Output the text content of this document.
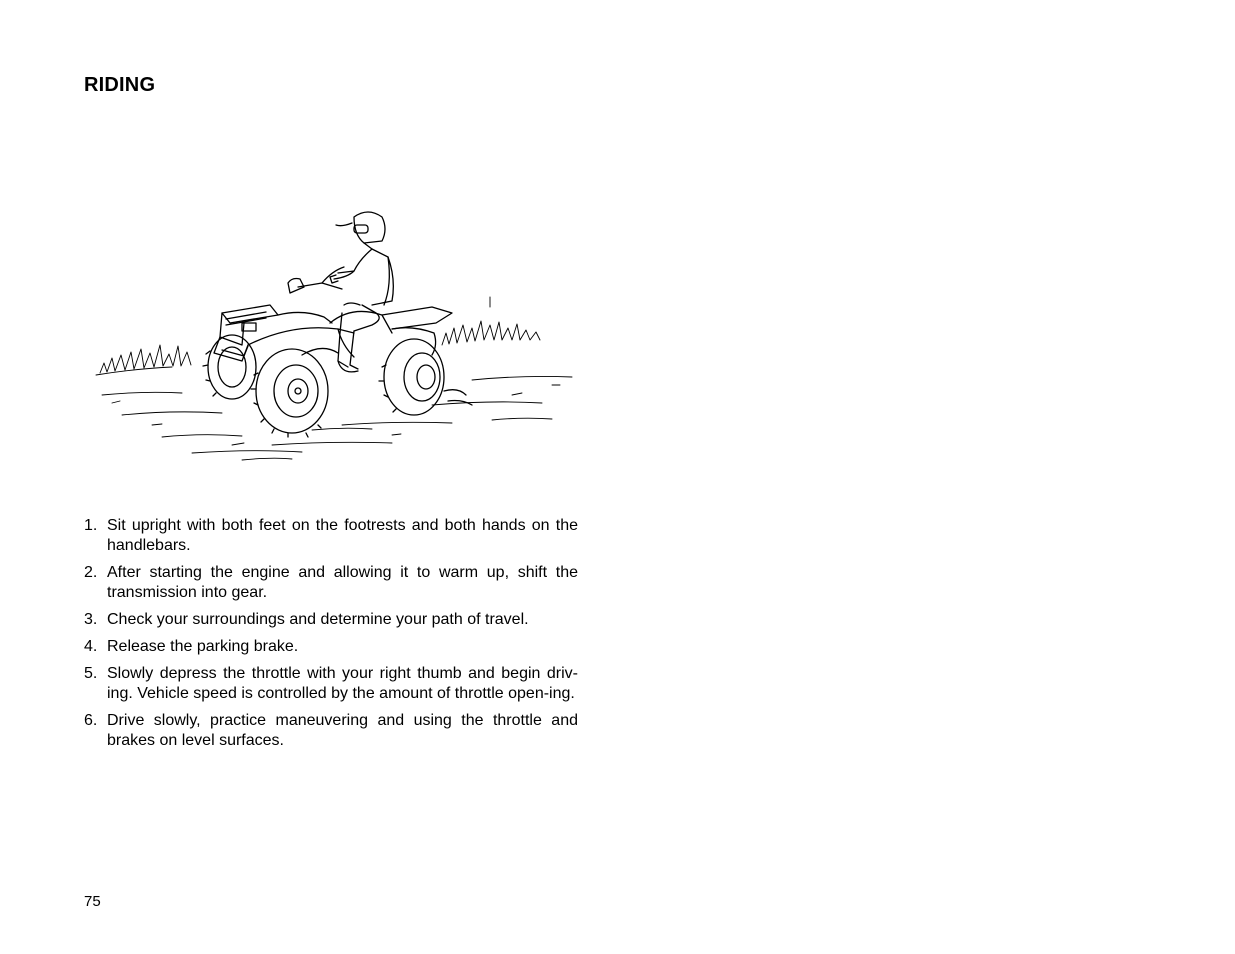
RIDING
1. Sit upright with both feet on the footrests and both hands on the handlebars.
2. After starting the engine and allowing it to warm up, shift the transmission into gear.
3. Check your surroundings and determine your path of travel.
4. Release the parking brake.
5. Slowly depress the throttle with your right thumb and begin driv-ing. Vehicle speed is controlled by the amount of throttle open-ing.
6. Drive slowly, practice maneuvering and using the throttle and brakes on level surfaces.
75
